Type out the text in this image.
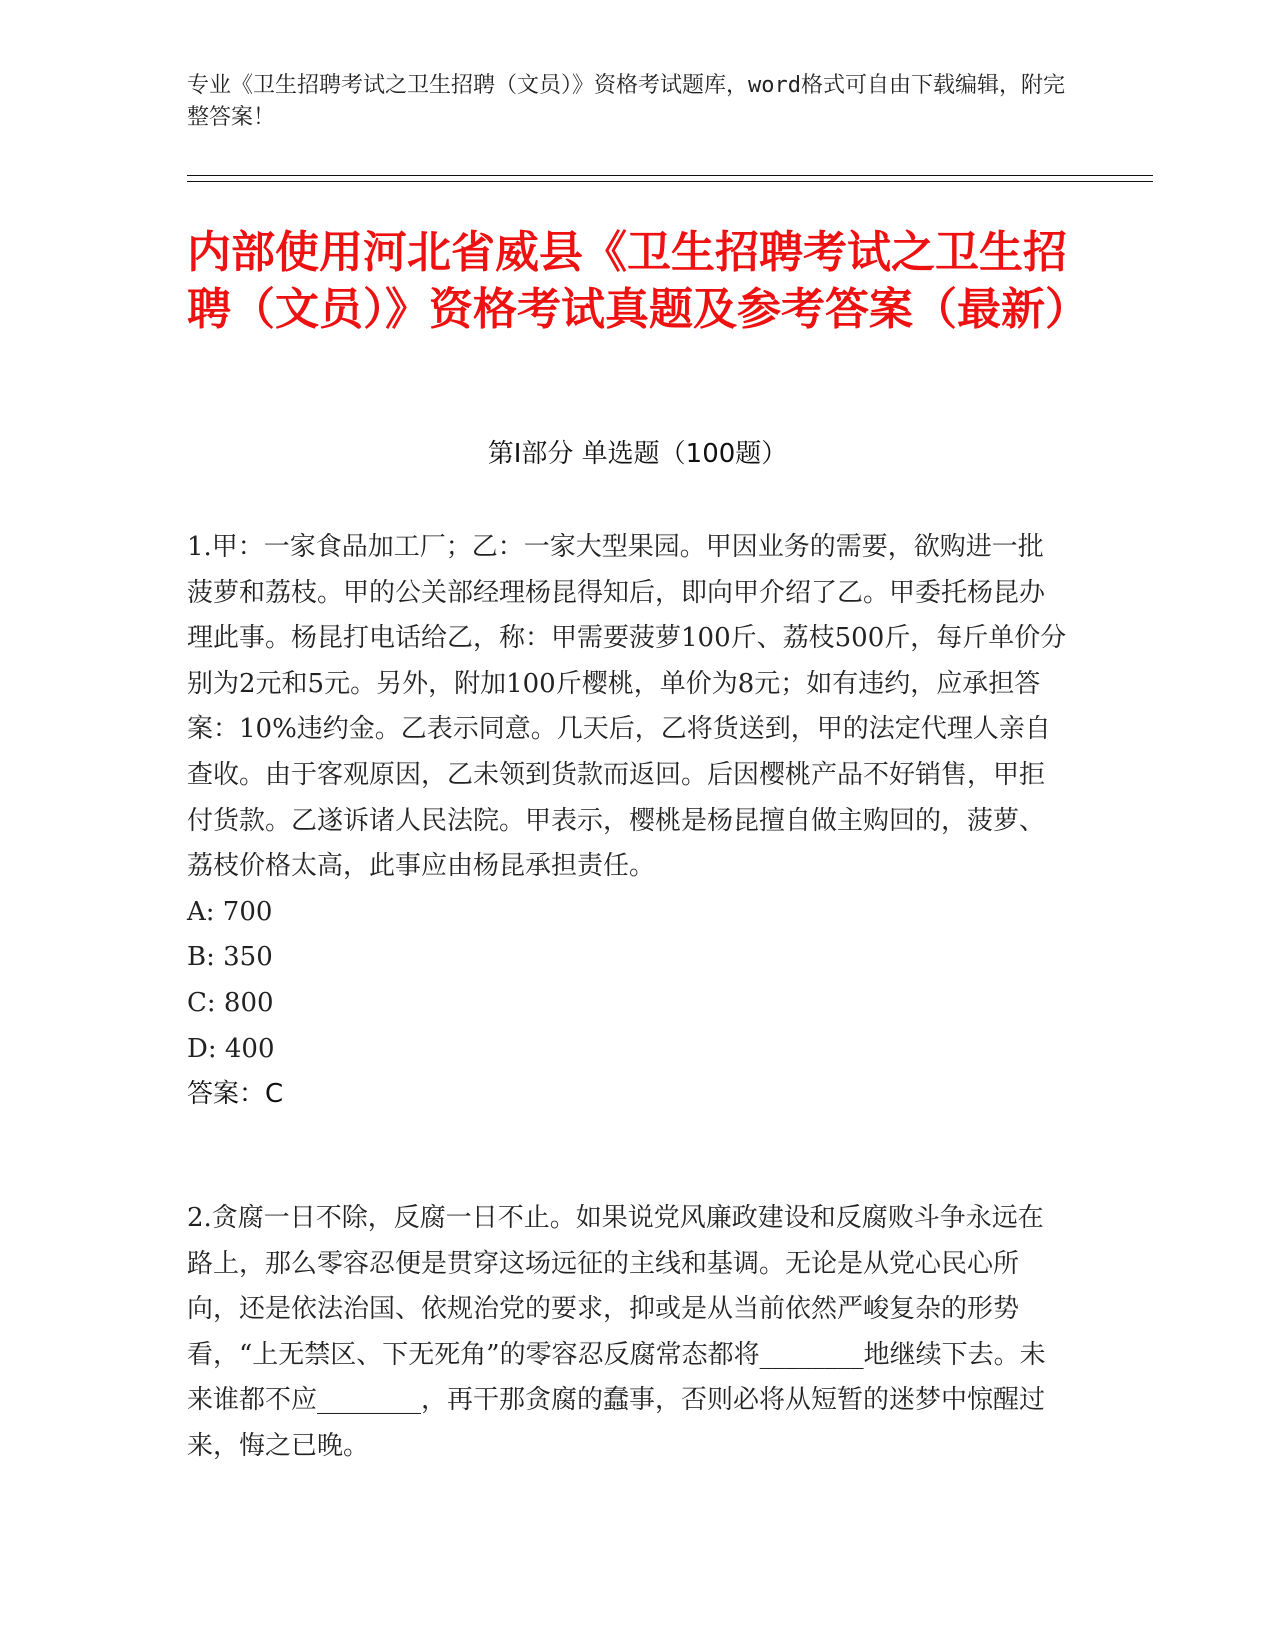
专业《卫生招聘考试之卫生招聘（文员）》资格考试题库，word格式可自由下载编辑，附完整答案！
内部使用河北省威县《卫生招聘考试之卫生招聘（文员）》资格考试真题及参考答案（最新）
第I部分 单选题（100题）

1.甲：一家食品加工厂；乙：一家大型果园。甲因业务的需要，欲购进一批菠萝和荔枝。甲的公关部经理杨昆得知后，即向甲介绍了乙。甲委托杨昆办理此事。杨昆打电话给乙，称：甲需要菠萝100斤、荔枝500斤，每斤单价分别为2元和5元。另外，附加100斤樱桃，单价为8元；如有违约，应承担答案：10%违约金。乙表示同意。几天后，乙将货送到，甲的法定代理人亲自查收。由于客观原因，乙未领到货款而返回。后因樱桃产品不好销售，甲拒付货款。乙遂诉诸人民法院。甲表示，樱桃是杨昆擅自做主购回的，菠萝、荔枝价格太高，此事应由杨昆承担责任。

A: 700

B: 350

C: 800

D: 400

答案：C

2.贪腐一日不除，反腐一日不止。如果说党风廉政建设和反腐败斗争永远在路上，那么零容忍便是贯穿这场远征的主线和基调。无论是从党心民心所向，还是依法治国、依规治党的要求，抑或是从当前依然严峻复杂的形势看，“上无禁区、下无死角”的零容忍反腐常态都将________地继续下去。未来谁都不应________，再干那贪腐的蠢事，否则必将从短暂的迷梦中惊醒过来，悔之已晚。
